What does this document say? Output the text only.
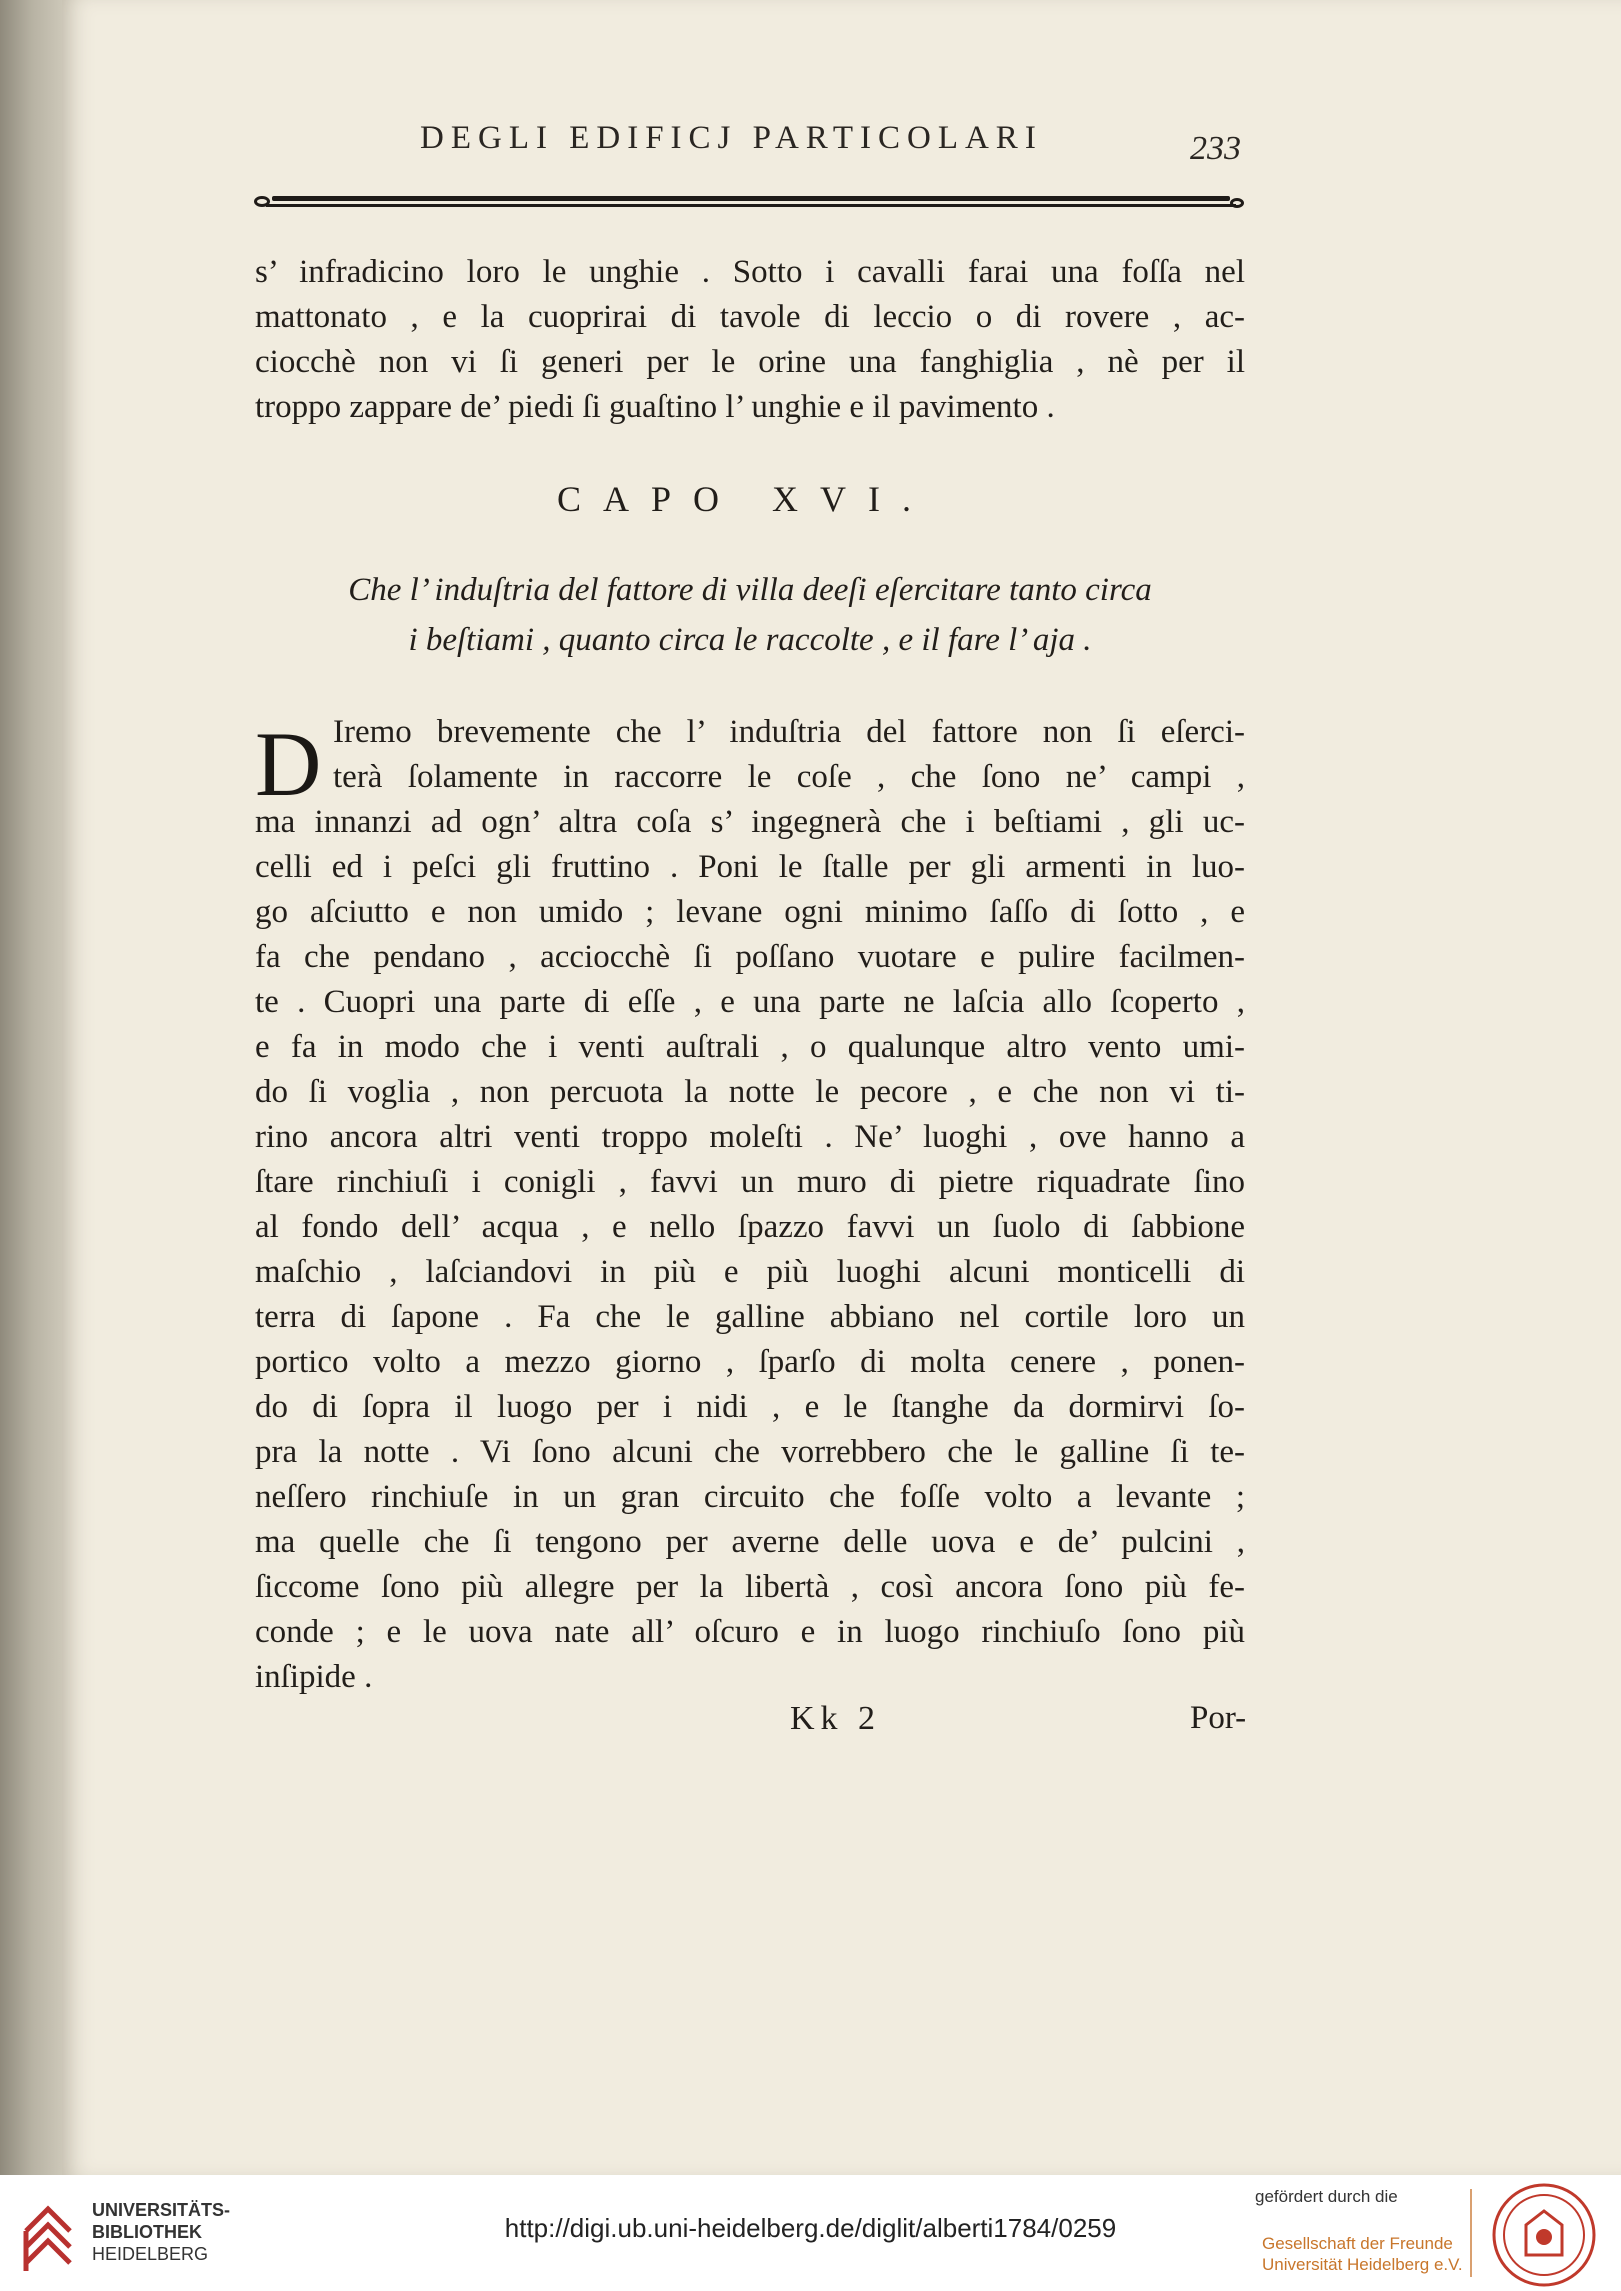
DEGLI EDIFICJ PARTICOLARI	233
s’ infradicino loro le unghie . Sotto i cavalli farai una foſſa nel
mattonato , e la cuoprirai di tavole di leccio o di rovere , ac-
ciocchè non vi ſi generi per le orine una fanghiglia , nè per il
troppo zappare de’ piedi ſi guaſtino l’ unghie e il pavimento .
CAPO XVI.
Che l’ induſtria del fattore di villa deeſi eſercitare tanto circa
i beſtiami , quanto circa le raccolte , e il fare l’ aja .
D Iremo brevemente che l’ induſtria del fattore non ſi eſerci-
terà ſolamente in raccorre le coſe , che ſono ne’ campi ,
ma innanzi ad ogn’ altra coſa s’ ingegnerà che i beſtiami , gli uc-
celli ed i peſci gli fruttino . Poni le ſtalle per gli armenti in luo-
go aſciutto e non umido ; levane ogni minimo ſaſſo di ſotto , e
fa che pendano , acciocchè ſi poſſano vuotare e pulire facilmen-
te . Cuopri una parte di eſſe , e una parte ne laſcia allo ſcoperto ,
e fa in modo che i venti auſtrali , o qualunque altro vento umi-
do ſi voglia , non percuota la notte le pecore , e che non vi ti-
rino ancora altri venti troppo moleſti . Ne’ luoghi , ove hanno a
ſtare rinchiuſi i conigli , favvi un muro di pietre riquadrate ſino
al fondo dell’ acqua , e nello ſpazzo favvi un ſuolo di ſabbione
maſchio , laſciandovi in più e più luoghi alcuni monticelli di
terra di ſapone . Fa che le galline abbiano nel cortile loro un
portico volto a mezzo giorno , ſparſo di molta cenere , ponen-
do di ſopra il luogo per i nidi , e le ſtanghe da dormirvi ſo-
pra la notte . Vi ſono alcuni che vorrebbero che le galline ſi te-
neſſero rinchiuſe in un gran circuito che foſſe volto a levante ;
ma quelle che ſi tengono per averne delle uova e de’ pulcini ,
ſiccome ſono più allegre per la libertà , così ancora ſono più fe-
conde ; e le uova nate all’ oſcuro e in luogo rinchiuſo ſono più
inſipide .
Kk 2	Por-
UNIVERSITÄTS-
BIBLIOTHEK
HEIDELBERG
http://digi.ub.uni-heidelberg.de/diglit/alberti1784/0259
gefördert durch die
Gesellschaft der Freunde
Universität Heidelberg e.V.
